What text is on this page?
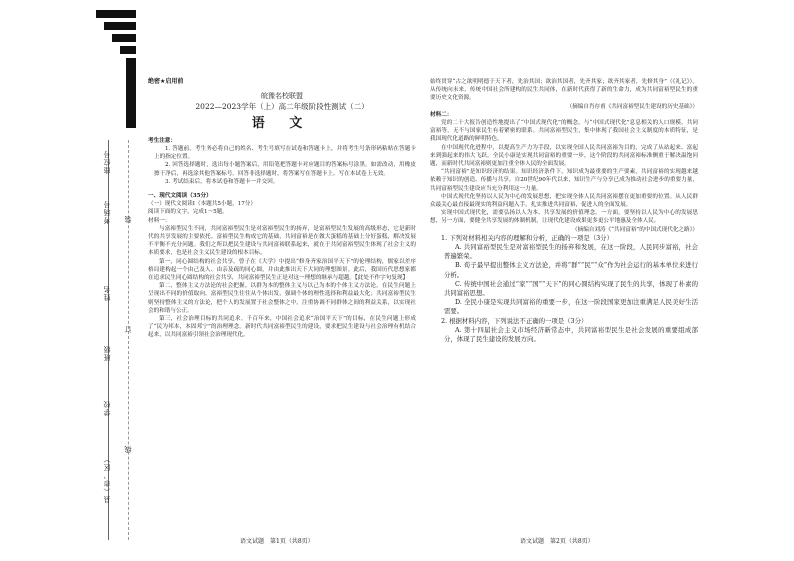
座位号
考场号
姓名
班级
学校
县（市、区）
装
订
线
绝密★启用前
皖豫名校联盟
2022—2023学年（上）高二年级阶段性测试（二）
语 文

考生注意：

1. 答题前，考生务必将自己的姓名、考生号填写在试卷和答题卡上，并将考生号条形码粘贴在答题卡上的指定位置。

2. 回答选择题时，选出每小题答案后，用铅笔把答题卡对应题目的答案标号涂黑。如需改动，用橡皮擦干净后，再选涂其他答案标号。回答非选择题时，将答案写在答题卡上。写在本试卷上无效。

3. 考试结束后，将本试卷和答题卡一并交回。

一、现代文阅读（35分）

（一）现代文阅读Ⅰ（本题共5小题，17分）

阅读下面的文字，完成1～5题。

材料一：

与富裕型民生不同，共同富裕型民生是对富裕型民生的扬弃，是富裕型民生发展的高级形态，它是新时代的共享发展的主要依托。富裕型民生构成它的基础，共同富裕是在做大蛋糕的基础上分好蛋糕，解决发展不平衡不充分问题。我们之所以把民生建设与共同富裕联系起来，就在于共同富裕型民生体现了社会主义的本质要求，也是社会主义民生建设的根本目标。

第一，同心圆结构的社会共享。曾子在《大学》中提出“修身齐家治国平天下”的伦理结构，儒家以差序格局建构起一个由己及人、由亲及疏的同心圆，并由此推出天下大同的理想图景。此后，我国历代思想家都在追求民生同心圆结构的社会共享，共同富裕型民生正是对这一理想的继承与超越。【此处不作字句复现】

第二，整体主义方法论的社会把握。以群为本的整体主义与以己为本的个体主义方法论，在民生问题上呈现出不同的价值取向。富裕型民生往往从个体出发，强调个体的理性选择和利益最大化；共同富裕型民生则坚持整体主义的方法论，把个人的发展置于社会整体之中，注重协调不同群体之间的利益关系，以实现社会的和谐与公正。

第三，社会治理目标的共同追求。千百年来，中国社会追求“治国平天下”的目标，在民生问题上形成了“民为邦本，本固邦宁”的治理理念。新时代共同富裕型民生的建设，要求把民生建设与社会治理有机结合起来，以共同富裕引领社会治理现代化。

始终贯穿“古之欲明明德于天下者，先治其国；欲治其国者，先齐其家；欲齐其家者，先修其身”（《礼记》）。从传统向未来，传统中国社会所建构的民生共同体，在新时代获得了新的生命力，成为共同富裕型民生的重要历史文化资源。

（摘编自肖存甫《共同富裕型民生建设的历史基础》）

材料二：

党的二十大报告创造性地提出了“中国式现代化”的概念。与“中国式现代化”息息相关的人口规模、共同富裕等，无不与国家民生有着紧密的联系。共同富裕型民生，集中体现了我国社会主义制度的本质特征，是我国现代化道路的鲜明特色。

在中国现代化进程中，以提高生产力为手段，以实现全国人民共同富裕为目的，完成了从站起来、富起来到强起来的伟大飞跃。全民小康是实现共同富裕的重要一步，这个阶段的共同富裕标准侧重于解决温饱问题，而新时代共同富裕则更加注重全体人民的全面发展。

“共同富裕”是知识经济的结果。知识经济条件下，知识成为最重要的生产要素，共同富裕的实现越来越依赖于知识的创造、传播与共享。自20世纪90年代以来，知识生产与分享已成为推动社会进步的重要力量，共同富裕型民生建设应当充分利用这一力量。

中国式现代化坚持以人民为中心的发展思想，把实现全体人民共同富裕摆在更加重要的位置。从人民群众最关心最直接最现实的利益问题入手，扎实推进共同富裕，促进人的全面发展。

实现中国式现代化，需要弘扬以人为本、共享发展的价值理念。一方面，要坚持以人民为中心的发展思想，另一方面，要健全共享发展的体制机制，让现代化建设成果更多更公平地惠及全体人民。

（摘编自刘涛《“共同富裕”的中国式现代化之路》）

1. 下列对材料相关内容的理解和分析，正确的一项是（3分）

A. 共同富裕型民生是对富裕型民生的扬弃和发展，在这一阶段，人民同步富裕，社会普遍繁荣。

B. 荀子最早提出整体主义方法论，并将“群”“民”“众”作为社会运行的基本单位来进行分析。

C. 传统中国社会通过“家”“国”“天下”的同心圆结构实现了民生的共享，体现了朴素的共同富裕思想。

D. 全民小康是实现共同富裕的重要一步，在这一阶段国家更加注重满足人民美好生活需要。

2. 根据材料内容，下列说法不正确的一项是（3分）

A. 第十四届社会主义市场经济新常态中，共同富裕型民生是社会发展的重要组成部分，体现了民生建设的发展方向。

语文试题　第1页（共8页）	语文试题　第2页（共8页）
